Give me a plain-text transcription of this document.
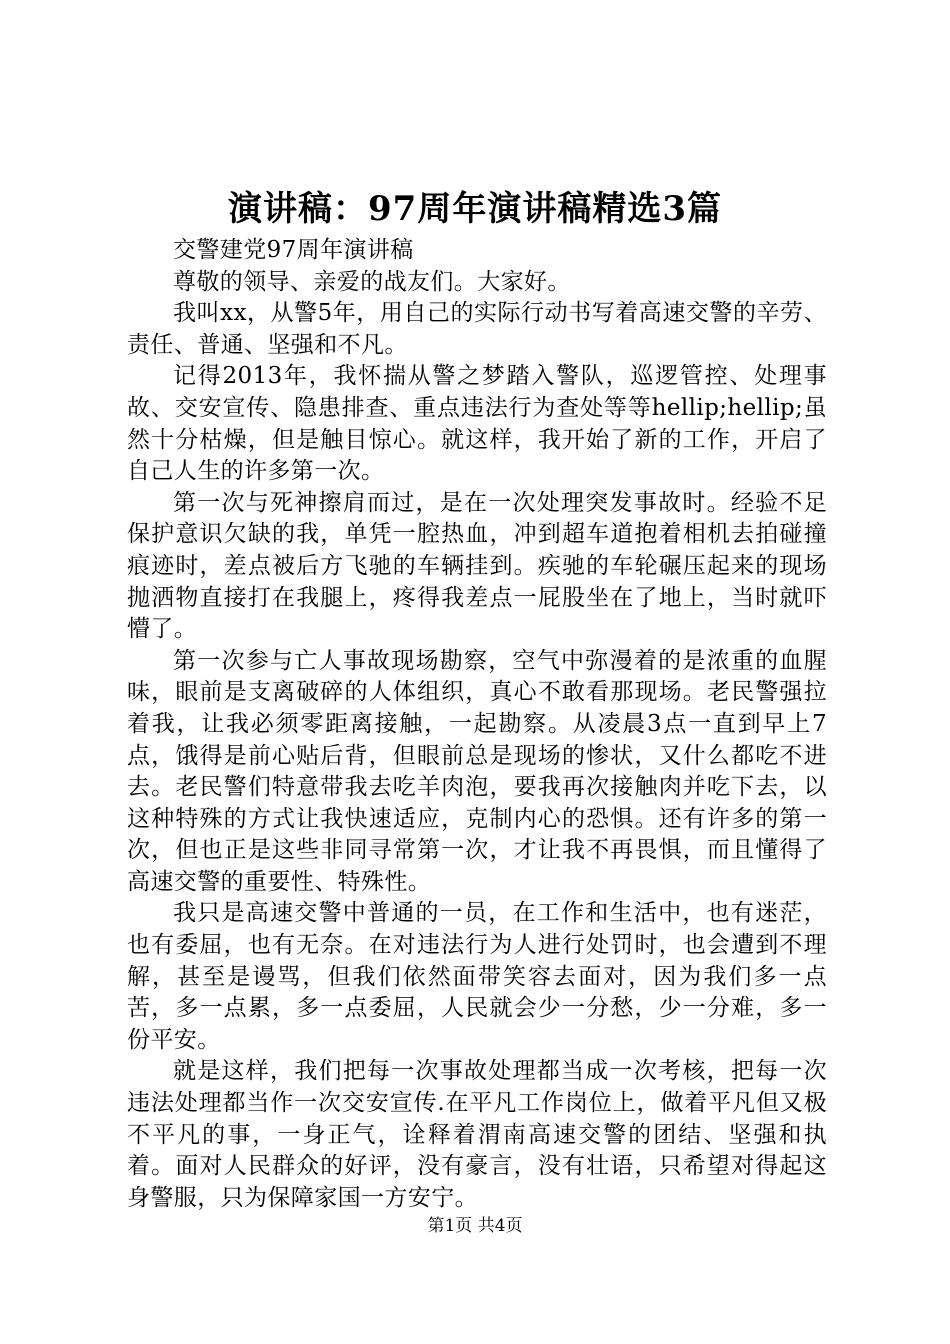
演讲稿：97周年演讲稿精选3篇

交警建党97周年演讲稿

尊敬的领导、亲爱的战友们。大家好。

我叫xx，从警5年，用自己的实际行动书写着高速交警的辛劳、责任、普通、坚强和不凡。

记得2013年，我怀揣从警之梦踏入警队，巡逻管控、处理事故、交安宣传、隐患排查、重点违法行为查处等等hellip;hellip;虽然十分枯燥，但是触目惊心。就这样，我开始了新的工作，开启了自己人生的许多第一次。

第一次与死神擦肩而过，是在一次处理突发事故时。经验不足保护意识欠缺的我，单凭一腔热血，冲到超车道抱着相机去拍碰撞痕迹时，差点被后方飞驰的车辆挂到。疾驰的车轮碾压起来的现场抛洒物直接打在我腿上，疼得我差点一屁股坐在了地上，当时就吓懵了。

第一次参与亡人事故现场勘察，空气中弥漫着的是浓重的血腥味，眼前是支离破碎的人体组织，真心不敢看那现场。老民警强拉着我，让我必须零距离接触，一起勘察。从凌晨3点一直到早上7点，饿得是前心贴后背，但眼前总是现场的惨状，又什么都吃不进去。老民警们特意带我去吃羊肉泡，要我再次接触肉并吃下去，以这种特殊的方式让我快速适应，克制内心的恐惧。还有许多的第一次，但也正是这些非同寻常第一次，才让我不再畏惧，而且懂得了高速交警的重要性、特殊性。

我只是高速交警中普通的一员，在工作和生活中，也有迷茫，也有委屈，也有无奈。在对违法行为人进行处罚时，也会遭到不理解，甚至是谩骂，但我们依然面带笑容去面对，因为我们多一点苦，多一点累，多一点委屈，人民就会少一分愁，少一分难，多一份平安。

就是这样，我们把每一次事故处理都当成一次考核，把每一次违法处理都当作一次交安宣传.在平凡工作岗位上，做着平凡但又极不平凡的事，一身正气，诠释着渭南高速交警的团结、坚强和执着。面对人民群众的好评，没有豪言，没有壮语，只希望对得起这身警服，只为保障家国一方安宁。

第1页 共4页
